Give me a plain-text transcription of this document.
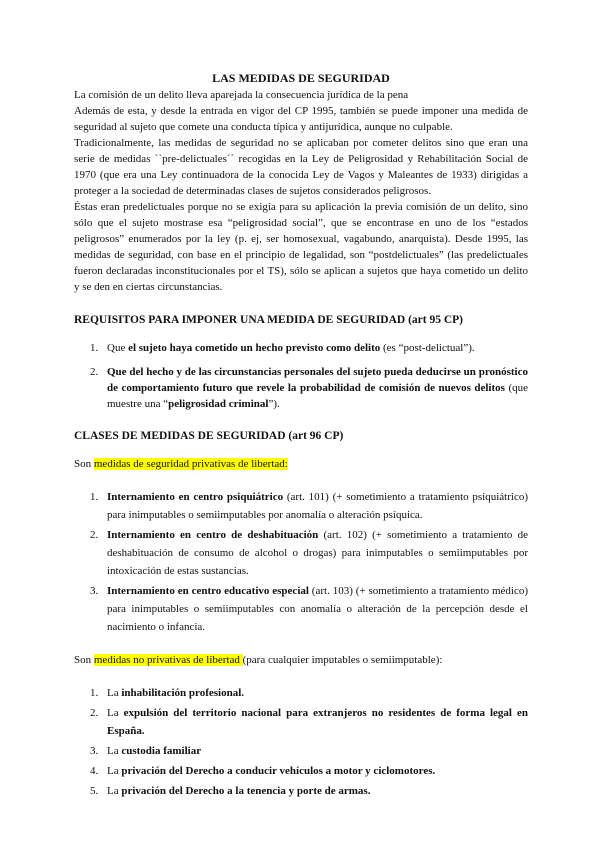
LAS MEDIDAS DE SEGURIDAD

La comisión de un delito lleva aparejada la consecuencia jurídica de la pena

Además de esta, y desde la entrada en vigor del CP 1995, también se puede imponer una medida de seguridad al sujeto que comete una conducta típica y antijurídica, aunque no culpable.

Tradicionalmente, las medidas de seguridad no se aplicaban por cometer delitos sino que eran una serie de medidas ``pre-delictuales´´ recogidas en la Ley de Peligrosidad y Rehabilitación Social de 1970 (que era una Ley continuadora de la conocida Ley de Vagos y Maleantes de 1933) dirigidas a proteger a la sociedad de determinadas clases de sujetos considerados peligrosos.

Éstas eran predelictuales porque no se exigía para su aplicación la previa comisión de un delito, sino sólo que el sujeto mostrase esa “peligrosidad social”, que se encontrase en uno de los “estados peligrosos” enumerados por la ley (p. ej, ser homosexual, vagabundo, anarquista). Desde 1995, las medidas de seguridad, con base en el principio de legalidad, son “postdelictuales” (las predelictuales fueron declaradas inconstitucionales por el TS), sólo se aplican a sujetos que haya cometido un delito y se den en ciertas circunstancias.

REQUISITOS PARA IMPONER UNA MEDIDA DE SEGURIDAD (art 95 CP)
1. Que el sujeto haya cometido un hecho previsto como delito (es “post-delictual”).
2. Que del hecho y de las circunstancias personales del sujeto pueda deducirse un pronóstico de comportamiento futuro que revele la probabilidad de comisión de nuevos delitos (que muestre una “peligrosidad criminal”).
CLASES DE MEDIDAS DE SEGURIDAD (art 96 CP)

Son medidas de seguridad privativas de libertad:

1. Internamiento en centro psiquiátrico (art. 101) (+ sometimiento a tratamiento psiquiátrico) para inimputables o semiimputables por anomalía o alteración psíquica.
2. Internamiento en centro de deshabituación (art. 102) (+ sometimiento a tratamiento de deshabituación de consumo de alcohol o drogas) para inimputables o semiimputables por intoxicación de estas sustancias.
3. Internamiento en centro educativo especial (art. 103) (+ sometimiento a tratamiento médico) para inimputables o semiimputables con anomalía o alteración de la percepción desde el nacimiento o infancia.

Son medidas no privativas de libertad (para cualquier imputables o semiimputable):

1. La inhabilitación profesional.
2. La expulsión del territorio nacional para extranjeros no residentes de forma legal en España.
3. La custodia familiar
4. La privación del Derecho a conducir vehículos a motor y ciclomotores.
5. La privación del Derecho a la tenencia y porte de armas.
